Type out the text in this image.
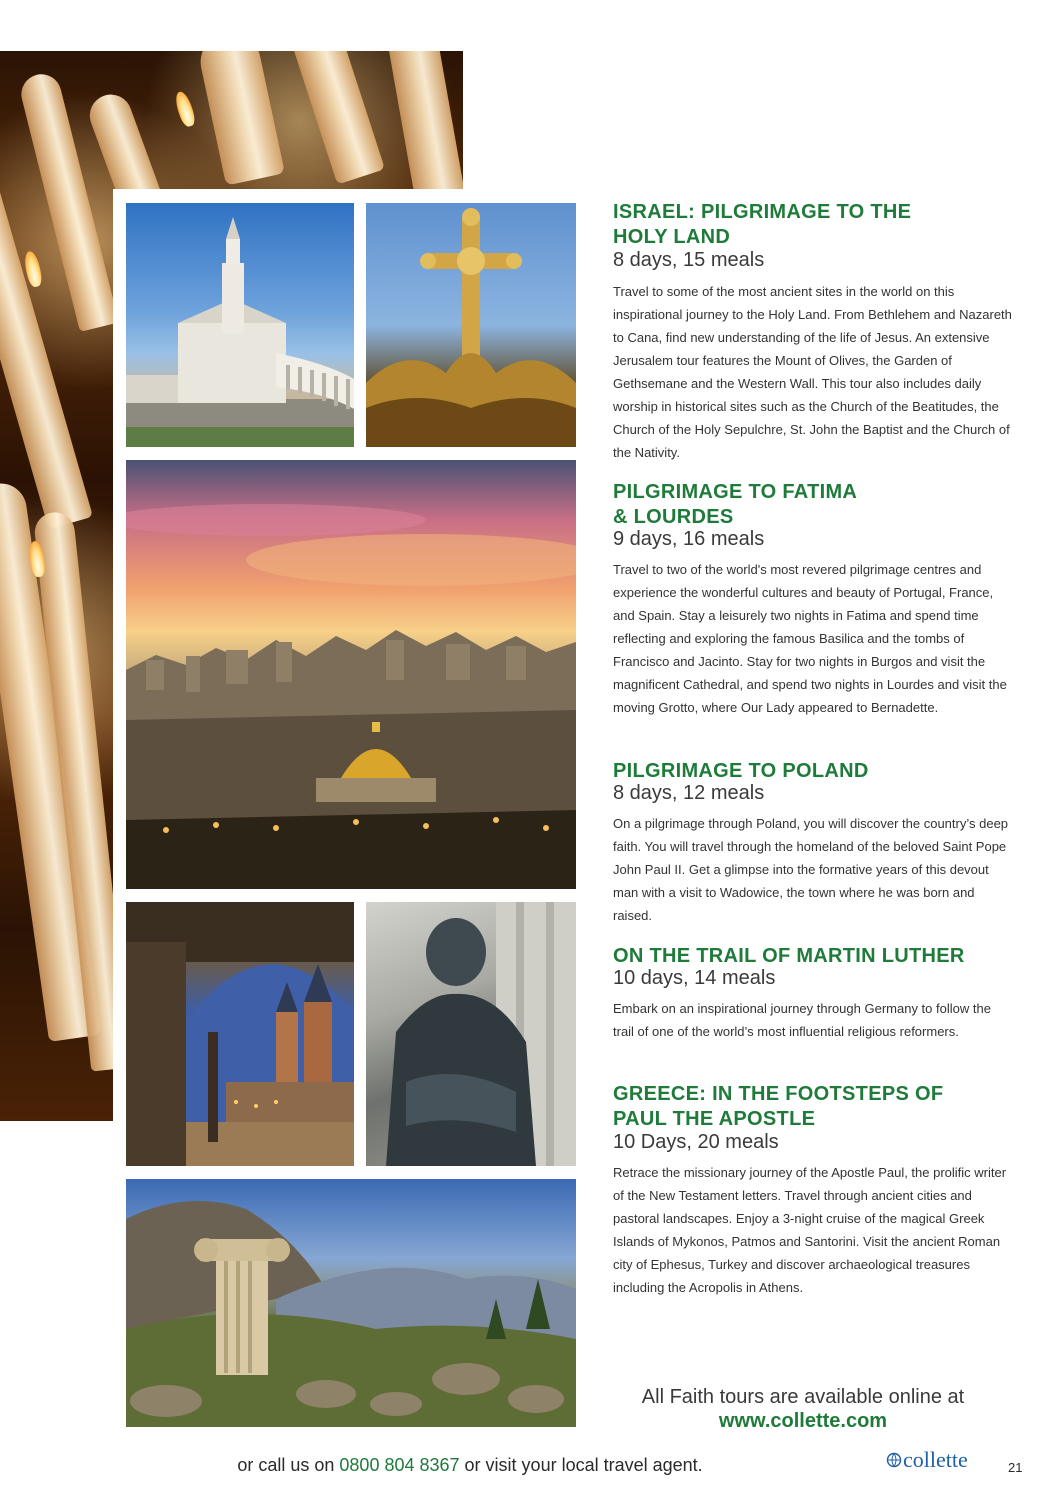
ISRAEL: PILGRIMAGE TO THE
HOLY LAND

8 days, 15 meals

Travel to some of the most ancient sites in the world on this inspirational journey to the Holy Land. From Bethlehem and Nazareth to Cana, find new understanding of the life of Jesus. An extensive Jerusalem tour features the Mount of Olives, the Garden of Gethsemane and the Western Wall. This tour also includes daily worship in historical sites such as the Church of the Beatitudes, the Church of the Holy Sepulchre, St. John the Baptist and the Church of the Nativity.

PILGRIMAGE TO FATIMA
& LOURDES

9 days, 16 meals

Travel to two of the world's most revered pilgrimage centres and experience the wonderful cultures and beauty of Portugal, France, and Spain. Stay a leisurely two nights in Fatima and spend time reflecting and exploring the famous Basilica and the tombs of Francisco and Jacinto. Stay for two nights in Burgos and visit the magnificent Cathedral, and spend two nights in Lourdes and visit the moving Grotto, where Our Lady appeared to Bernadette.

PILGRIMAGE TO POLAND

8 days, 12 meals

On a pilgrimage through Poland, you will discover the country’s deep faith. You will travel through the homeland of the beloved Saint Pope John Paul II. Get a glimpse into the formative years of this devout man with a visit to Wadowice, the town where he was born and raised.

ON THE TRAIL OF MARTIN LUTHER

10 days, 14 meals

Embark on an inspirational journey through Germany to follow the trail of one of the world’s most influential religious reformers.

GREECE: IN THE FOOTSTEPS OF
PAUL THE APOSTLE

10 Days, 20 meals

Retrace the missionary journey of the Apostle Paul, the prolific writer of the New Testament letters. Travel through ancient cities and pastoral landscapes. Enjoy a 3-night cruise of the magical Greek Islands of Mykonos, Patmos and Santorini. Visit the ancient Roman city of Ephesus, Turkey and discover archaeological treasures including the Acropolis in Athens.

All Faith tours are available online at
www.collette.com
or call us on 0800 804 8367 or visit your local travel agent.	collette	21
